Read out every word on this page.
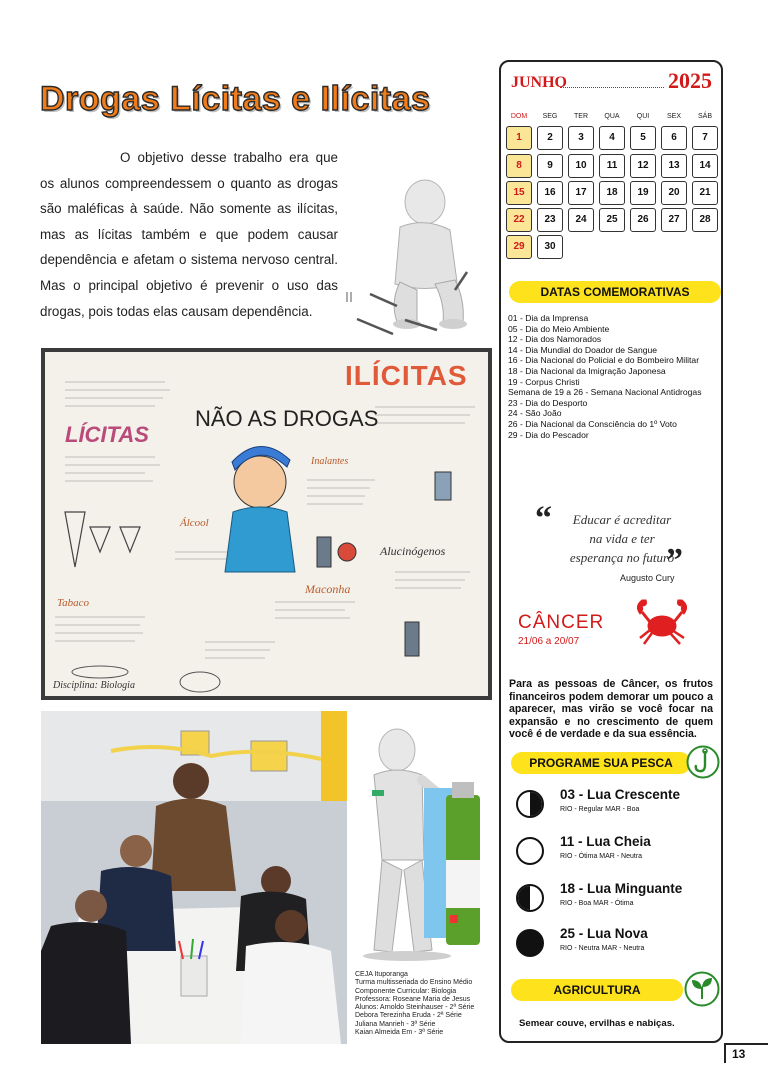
Drogas Lícitas e Ilícitas

O objetivo desse trabalho era que os alunos compreendessem o quanto as drogas são maléficas à saúde. Não somente as ilícitas, mas as lícitas também e que podem causar dependência e afetam o sistema nervoso central. Mas o principal objetivo é prevenir o uso das drogas, pois todas elas causam dependência.

ILÍCITAS
NÃO AS DROGAS
LÍCITAS
Inalantes
Álcool
Alucinógenos
Maconha
Tabaco
Disciplina: Biologia
CEJA Ituporanga
Turma multisseriada do Ensino Médio
Componente Curricular: Biologia
Professora: Roseane Maria de Jesus
Alunos: Arnoldo Steinhauser - 2ª Série
Debora Terezinha Eruda - 2ª Série
Juliana Manrieh - 3ª Série
Kaian Almeida Em - 3ª Série
JUNHO	2025
DOM	SEG	TER	QUA	QUI	SEX	SÁB
1	2	3	4	5	6	7
8	9	10	11	12	13	14
15	16	17	18	19	20	21
22	23	24	25	26	27	28
29	30
DATAS COMEMORATIVAS
01 - Dia da Imprensa
05 - Dia do Meio Ambiente
12 - Dia dos Namorados
14 - Dia Mundial do Doador de Sangue
16 - Dia Nacional do Policial e do Bombeiro Militar
18 - Dia Nacional da Imigração Japonesa
19 - Corpus Christi
Semana de 19 a 26 - Semana Nacional Antidrogas
23 - Dia do Desporto
24 - São João
26 - Dia Nacional da Consciência do 1º Voto
29 - Dia do Pescador
“	Educar é acreditar
na vida e ter
esperança no futuro
”
Augusto Cury
CÂNCER
21/06 a 20/07

Para as pessoas de Câncer, os frutos financeiros podem demorar um pouco a aparecer, mas virão se você focar na expansão e no crescimento de quem você é de verdade e da sua essência.

PROGRAME SUA PESCA
03 - Lua Crescente
RIO - Regular MAR - Boa
11 - Lua Cheia
RIO - Ótima MAR - Neutra
18 - Lua Minguante
RIO - Boa MAR - Ótima
25 - Lua Nova
RIO - Neutra MAR - Neutra
AGRICULTURA
Semear couve, ervilhas e nabiças.
13
